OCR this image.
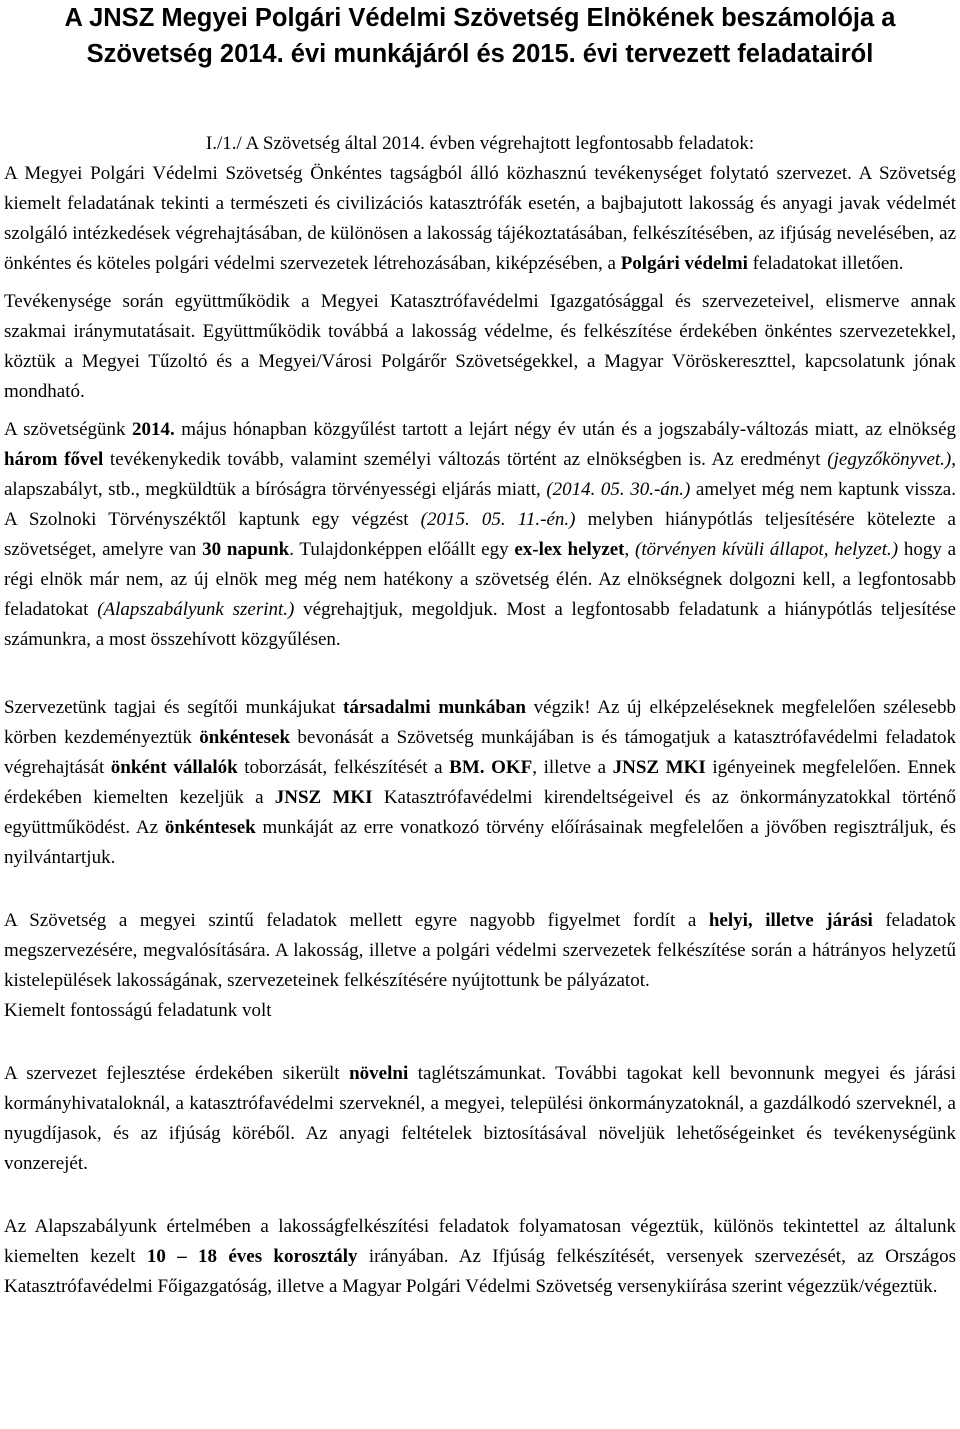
A JNSZ Megyei Polgári Védelmi Szövetség Elnökének beszámolója a Szövetség 2014. évi munkájáról és 2015. évi tervezett feladatairól
I./1./ A Szövetség által 2014. évben végrehajtott legfontosabb feladatok:

A Megyei Polgári Védelmi Szövetség Önkéntes tagságból álló közhasznú tevékenységet folytató szervezet. A Szövetség kiemelt feladatának tekinti a természeti és civilizációs katasztrófák esetén, a bajbajutott lakosság és anyagi javak védelmét szolgáló intézkedések végrehajtásában, de különösen a lakosság tájékoztatásában, felkészítésében, az ifjúság nevelésében, az önkéntes és köteles polgári védelmi szervezetek létrehozásában, kiképzésében, a Polgári védelmi feladatokat illetően.

Tevékenysége során együttműködik a Megyei Katasztrófavédelmi Igazgatósággal és szervezeteivel, elismerve annak szakmai iránymutatásait. Együttműködik továbbá a lakosság védelme, és felkészítése érdekében önkéntes szervezetekkel, köztük a Megyei Tűzoltó és a Megyei/Városi Polgárőr Szövetségekkel, a Magyar Vöröskereszttel, kapcsolatunk jónak mondható.

A szövetségünk 2014. május hónapban közgyűlést tartott a lejárt négy év után és a jogszabály-változás miatt, az elnökség három fővel tevékenykedik tovább, valamint személyi változás történt az elnökségben is. Az eredményt (jegyzőkönyvet.), alapszabályt, stb., megküldtük a bíróságra törvényességi eljárás miatt, (2014. 05. 30.-án.) amelyet még nem kaptunk vissza. A Szolnoki Törvényszéktől kaptunk egy végzést (2015. 05. 11.-én.) melyben hiánypótlás teljesítésére kötelezte a szövetséget, amelyre van 30 napunk. Tulajdonképpen előállt egy ex-lex helyzet, (törvényen kívüli állapot, helyzet.) hogy a régi elnök már nem, az új elnök meg még nem hatékony a szövetség élén. Az elnökségnek dolgozni kell, a legfontosabb feladatokat (Alapszabályunk szerint.) végrehajtjuk, megoldjuk. Most a legfontosabb feladatunk a hiánypótlás teljesítése számunkra, a most összehívott közgyűlésen.

Szervezetünk tagjai és segítői munkájukat társadalmi munkában végzik! Az új elképzeléseknek megfelelően szélesebb körben kezdeményeztük önkéntesek bevonását a Szövetség munkájában is és támogatjuk a katasztrófavédelmi feladatok végrehajtását önként vállalók toborzását, felkészítését a BM. OKF, illetve a JNSZ MKI igényeinek megfelelően. Ennek érdekében kiemelten kezeljük a JNSZ MKI Katasztrófavédelmi kirendeltségeivel és az önkormányzatokkal történő együttműködést. Az önkéntesek munkáját az erre vonatkozó törvény előírásainak megfelelően a jövőben regisztráljuk, és nyilvántartjuk.

A Szövetség a megyei szintű feladatok mellett egyre nagyobb figyelmet fordít a helyi, illetve járási feladatok megszervezésére, megvalósítására. A lakosság, illetve a polgári védelmi szervezetek felkészítése során a hátrányos helyzetű kistelepülések lakosságának, szervezeteinek felkészítésére nyújtottunk be pályázatot.

Kiemelt fontosságú feladatunk volt

A szervezet fejlesztése érdekében sikerült növelni taglétszámunkat. További tagokat kell bevonnunk megyei és járási kormányhivataloknál, a katasztrófavédelmi szerveknél, a megyei, települési önkormányzatoknál, a gazdálkodó szerveknél, a nyugdíjasok, és az ifjúság köréből. Az anyagi feltételek biztosításával növeljük lehetőségeinket és tevékenységünk vonzerejét.

Az Alapszabályunk értelmében a lakosságfelkészítési feladatok folyamatosan végeztük, különös tekintettel az általunk kiemelten kezelt 10 – 18 éves korosztály irányában. Az Ifjúság felkészítését, versenyek szervezését, az Országos Katasztrófavédelmi Főigazgatóság, illetve a Magyar Polgári Védelmi Szövetség versenykiírása szerint végezzük/végeztük.
